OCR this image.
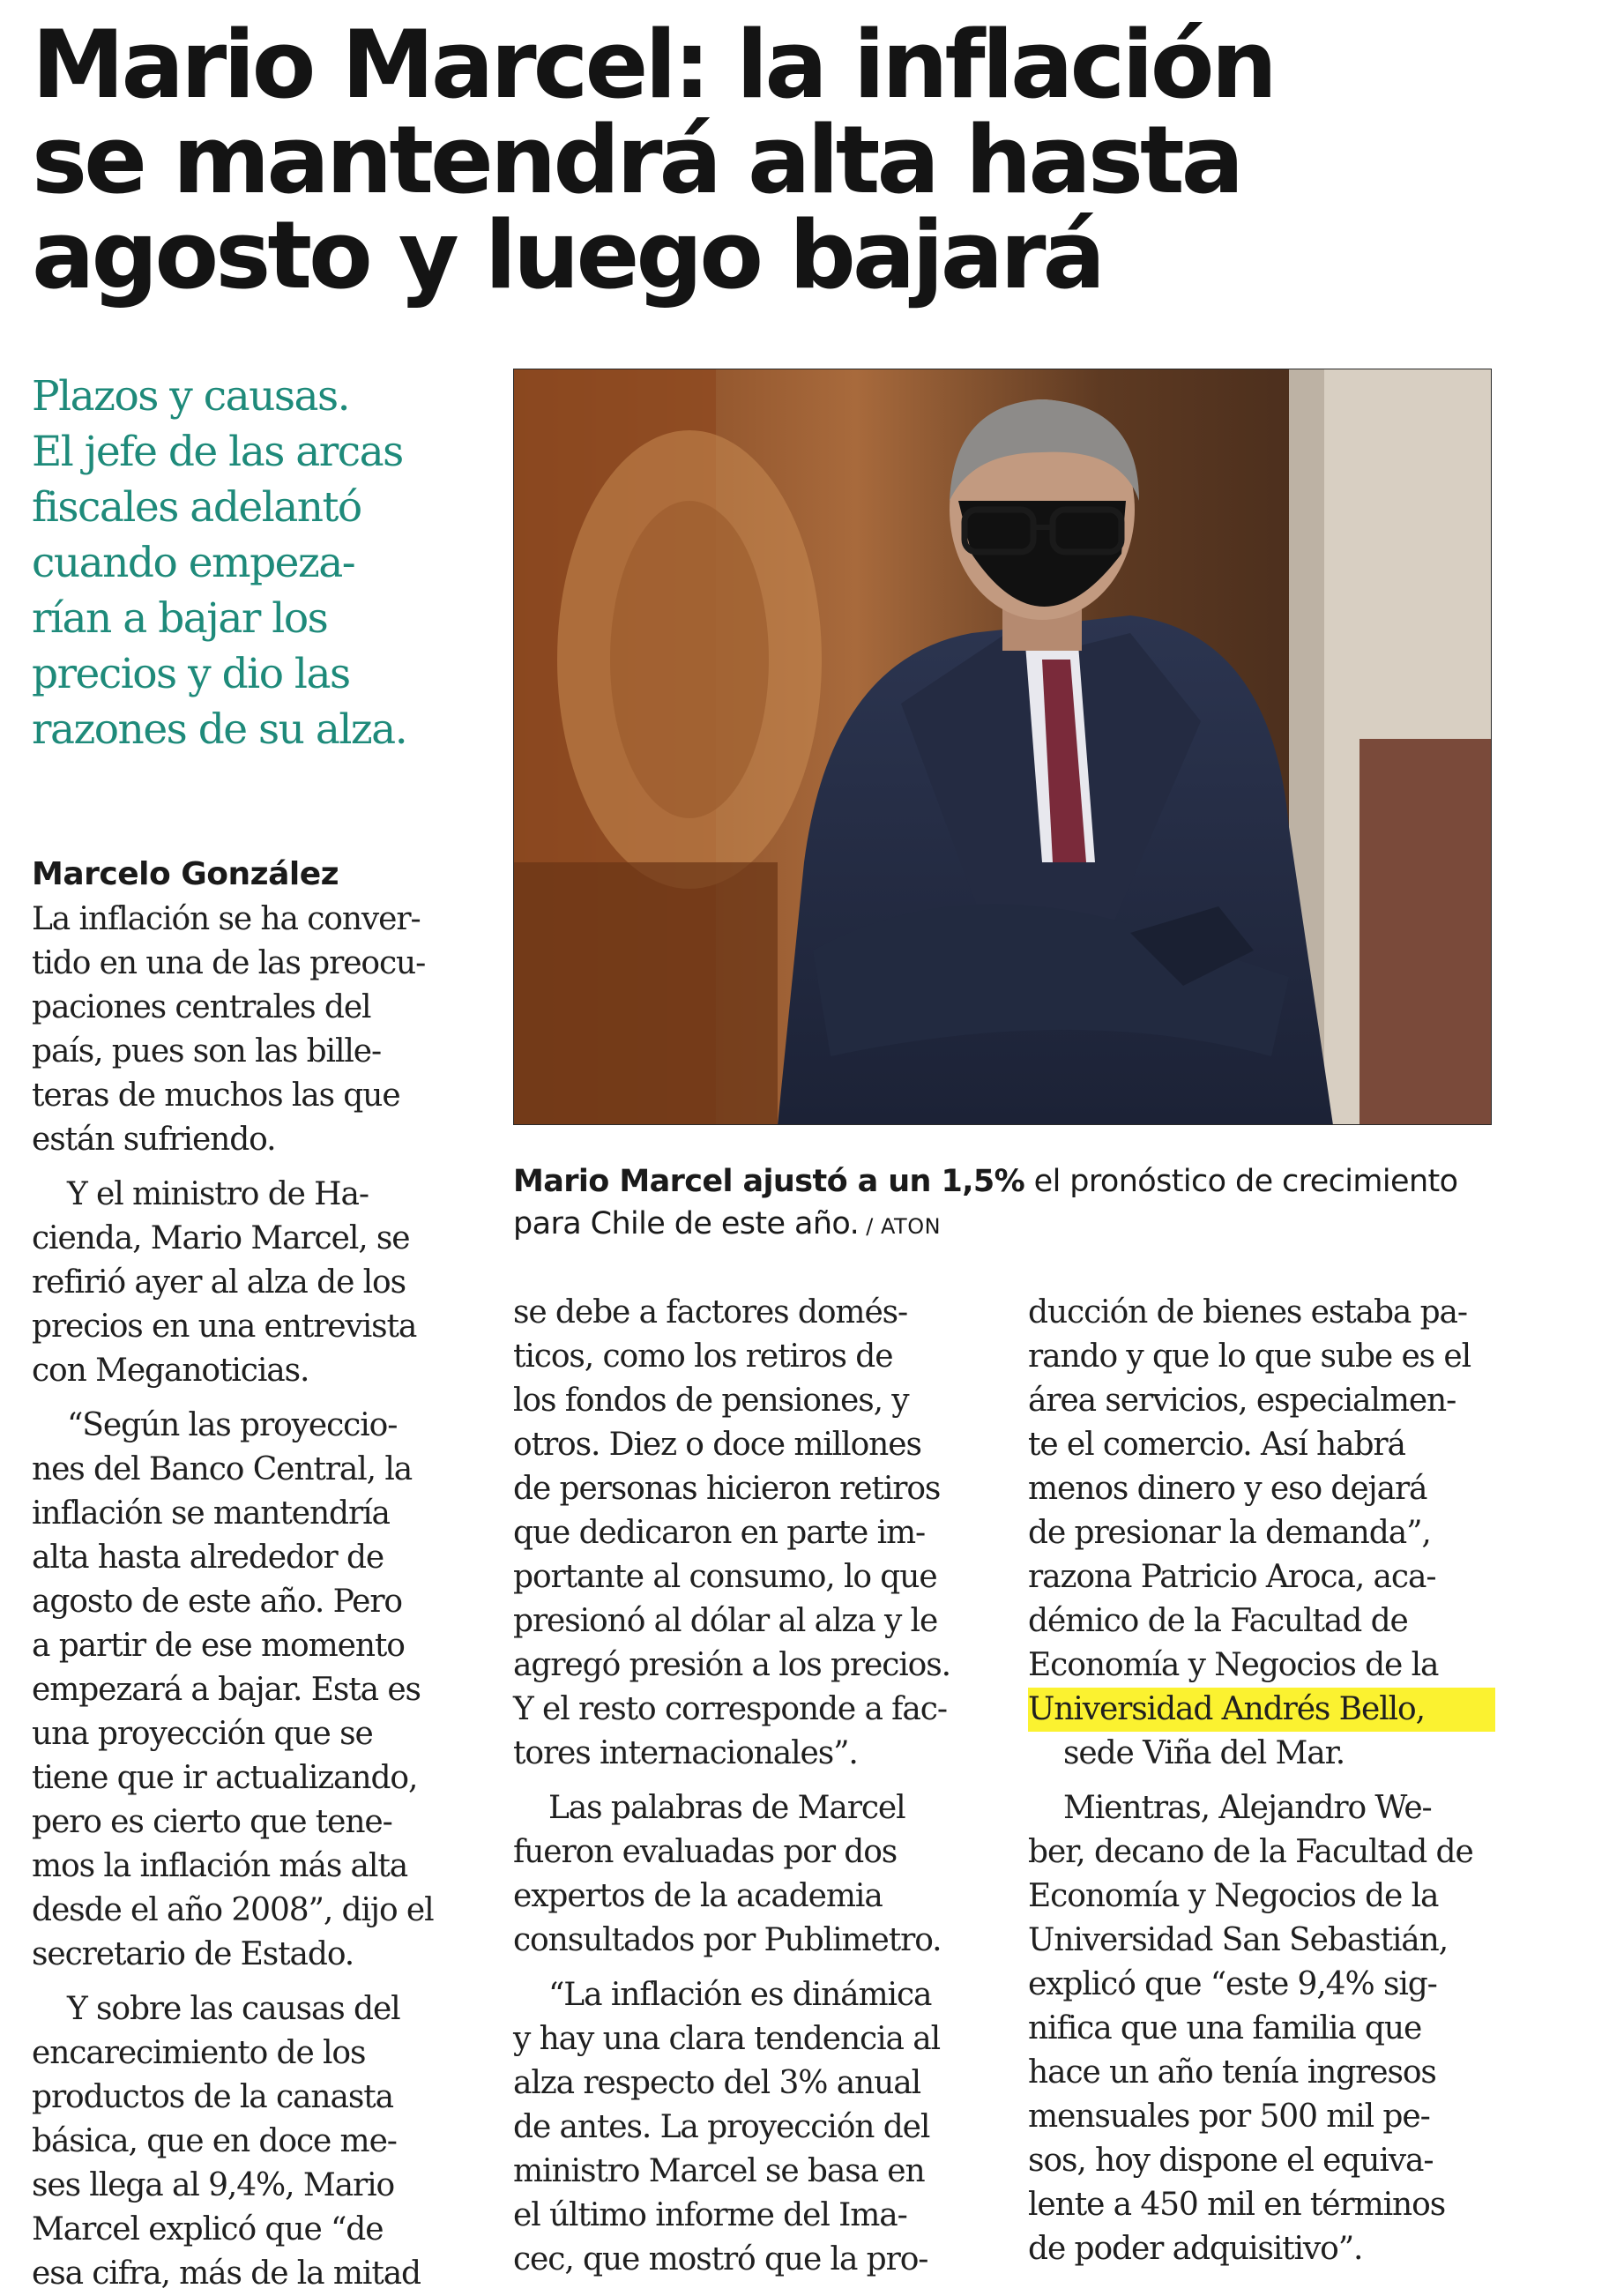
Mario Marcel: la inflación
se mantendrá alta hasta
agosto y luego bajará
Plazos y causas.
El jefe de las arcas
fiscales adelantó
cuando empeza-
rían a bajar los
precios y dio las
razones de su alza.

Mario Marcel ajustó a un 1,5% el pronóstico de crecimiento
para Chile de este año. / ATON

Marcelo González

La inflación se ha conver-
tido en una de las preocu-
paciones centrales del
país, pues son las bille-
teras de muchos las que
están sufriendo.
Y el ministro de Ha-
cienda, Mario Marcel, se
refirió ayer al alza de los
precios en una entrevista
con Meganoticias.
“Según las proyeccio-
nes del Banco Central, la
inflación se mantendría
alta hasta alrededor de
agosto de este año. Pero
a partir de ese momento
empezará a bajar. Esta es
una proyección que se
tiene que ir actualizando,
pero es cierto que tene-
mos la inflación más alta
desde el año 2008”, dijo el
secretario de Estado.
Y sobre las causas del
encarecimiento de los
productos de la canasta
básica, que en doce me-
ses llega al 9,4%, Mario
Marcel explicó que “de
esa cifra, más de la mitad
se debe a factores domés-
ticos, como los retiros de
los fondos de pensiones, y
otros. Diez o doce millones
de personas hicieron retiros
que dedicaron en parte im-
portante al consumo, lo que
presionó al dólar al alza y le
agregó presión a los precios.
Y el resto corresponde a fac-
tores internacionales”.
Las palabras de Marcel
fueron evaluadas por dos
expertos de la academia
consultados por Publimetro.
“La inflación es dinámica
y hay una clara tendencia al
alza respecto del 3% anual
de antes. La proyección del
ministro Marcel se basa en
el último informe del Ima-
cec, que mostró que la pro-
ducción de bienes estaba pa-
rando y que lo que sube es el
área servicios, especialmen-
te el comercio. Así habrá
menos dinero y eso dejará
de presionar la demanda”,
razona Patricio Aroca, aca-
démico de la Facultad de
Economía y Negocios de la
Universidad Andrés Bello,
sede Viña del Mar.
Mientras, Alejandro We-
ber, decano de la Facultad de
Economía y Negocios de la
Universidad San Sebastián,
explicó que “este 9,4% sig-
nifica que una familia que
hace un año tenía ingresos
mensuales por 500 mil pe-
sos, hoy dispone el equiva-
lente a 450 mil en términos
de poder adquisitivo”.
